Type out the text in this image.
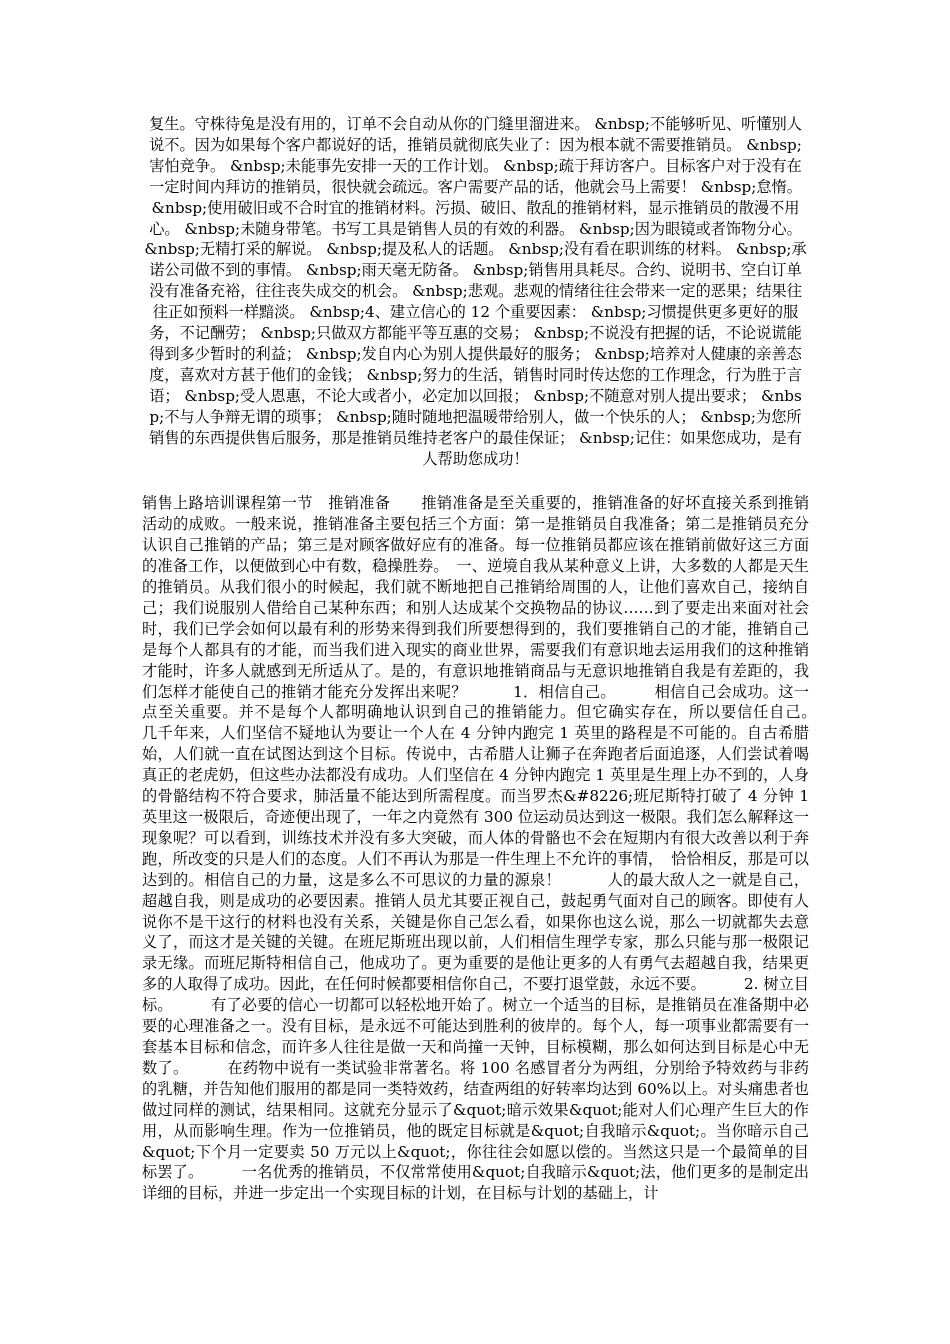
复生。守株待兔是没有用的，订单不会自动从你的门缝里溜进来。 &nbsp;不能够听见、听懂别人说不。因为如果每个客户都说好的话，推销员就彻底失业了：因为根本就不需要推销员。 &nbsp;害怕竞争。 &nbsp;未能事先安排一天的工作计划。 &nbsp;疏于拜访客户。目标客户对于没有在一定时间内拜访的推销员，很快就会疏远。客户需要产品的话，他就会马上需要！ &nbsp;怠惰。 &nbsp;使用破旧或不合时宜的推销材料。污损、破旧、散乱的推销材料，显示推销员的散漫不用心。 &nbsp;未随身带笔。书写工具是销售人员的有效的利器。 &nbsp;因为眼镜或者饰物分心。 &nbsp;无精打采的解说。 &nbsp;提及私人的话题。 &nbsp;没有看在职训练的材料。 &nbsp;承诺公司做不到的事情。 &nbsp;雨天毫无防备。 &nbsp;销售用具耗尽。合约、说明书、空白订单没有准备充裕，往往丧失成交的机会。 &nbsp;悲观。悲观的情绪往往会带来一定的恶果；结果往往正如预料一样黯淡。 &nbsp;4、建立信心的 12 个重要因素： &nbsp;习惯提供更多更好的服务，不记酬劳； &nbsp;只做双方都能平等互惠的交易； &nbsp;不说没有把握的话，不论说谎能得到多少暂时的利益； &nbsp;发自内心为别人提供最好的服务； &nbsp;培养对人健康的亲善态度，喜欢对方甚于他们的金钱； &nbsp;努力的生活，销售时同时传达您的工作理念，行为胜于言语； &nbsp;受人恩惠，不论大或者小，必定加以回报； &nbsp;不随意对别人提出要求； &nbsp;不与人争辩无谓的琐事； &nbsp;随时随地把温暖带给别人，做一个快乐的人； &nbsp;为您所销售的东西提供售后服务，那是推销员维持老客户的最佳保证； &nbsp;记住：如果您成功，是有人帮助您成功！

销售上路培训课程第一节　推销准备　　推销准备是至关重要的，推销准备的好坏直接关系到推销活动的成败。一般来说，推销准备主要包括三个方面：第一是推销员自我准备；第二是推销员充分认识自己推销的产品；第三是对顾客做好应有的准备。每一位推销员都应该在推销前做好这三方面的准备工作，以便做到心中有数，稳操胜券。　一、逆境自我从某种意义上讲，大多数的人都是天生的推销员。从我们很小的时候起，我们就不断地把自己推销给周围的人，让他们喜欢自己，接纳自己；我们说服别人借给自己某种东西；和别人达成某个交换物品的协议……到了要走出来面对社会时，我们已学会如何以最有利的形势来得到我们所要想得到的，我们要推销自己的才能，推销自己是每个人都具有的才能，而当我们进入现实的商业世界，需要我们有意识地去运用我们的这种推销才能时，许多人就感到无所适从了。是的，有意识地推销商品与无意识地推销自我是有差距的，我们怎样才能使自己的推销才能充分发挥出来呢？　　　1．相信自己。　　　相信自己会成功。这一点至关重要。并不是每个人都明确地认识到自己的推销能力。但它确实存在，所以要信任自己。　　　几千年来，人们坚信不疑地认为要让一个人在 4 分钟内跑完 1 英里的路程是不可能的。自古希腊始，人们就一直在试图达到这个目标。传说中，古希腊人让狮子在奔跑者后面追逐，人们尝试着喝真正的老虎奶，但这些办法都没有成功。人们坚信在 4 分钟内跑完 1 英里是生理上办不到的，人身的骨骼结构不符合要求，肺活量不能达到所需程度。而当罗杰&#8226;班尼斯特打破了 4 分钟 1 英里这一极限后，奇迹便出现了，一年之内竟然有 300 位运动员达到这一极限。我们怎么解释这一现象呢？可以看到，训练技术并没有多大突破，而人体的骨骼也不会在短期内有很大改善以利于奔跑，所改变的只是人们的态度。人们不再认为那是一件生理上不允许的事情，　恰恰相反，那是可以达到的。相信自己的力量，这是多么不可思议的力量的源泉！　　　人的最大敌人之一就是自己，超越自我，则是成功的必要因素。推销人员尤其要正视自己，鼓起勇气面对自己的顾客。即使有人说你不是干这行的材料也没有关系，关键是你自己怎么看，如果你也这么说，那么一切就都失去意义了，而这才是关键的关键。在班尼斯班出现以前，人们相信生理学专家，那么只能与那一极限记录无缘。而班尼斯特相信自己，他成功了。更为重要的是他让更多的人有勇气去超越自我，结果更多的人取得了成功。因此，在任何时候都要相信你自己，不要打退堂鼓，永远不要。　　　2. 树立目标。　　　有了必要的信心一切都可以轻松地开始了。树立一个适当的目标，是推销员在准备期中必要的心理准备之一。没有目标，是永远不可能达到胜利的彼岸的。每个人，每一项事业都需要有一套基本目标和信念，而许多人往往是做一天和尚撞一天钟，目标模糊，那么如何达到目标是心中无数了。　　　在药物中说有一类试验非常著名。将 100 名感冒者分为两组，分别给予特效药与非药的乳糖，并告知他们服用的都是同一类特效药，结查两组的好转率均达到 60%以上。对头痛患者也做过同样的测试，结果相同。这就充分显示了&quot;暗示效果&quot;能对人们心理产生巨大的作用，从而影响生理。作为一位推销员，他的既定目标就是&quot;自我暗示&quot;。当你暗示自己&quot;下个月一定要卖 50 万元以上&quot;，你往往会如愿以偿的。当然这只是一个最简单的目标罢了。　　　一名优秀的推销员，不仅常常使用&quot;自我暗示&quot;法，他们更多的是制定出详细的目标，并进一步定出一个实现目标的计划，在目标与计划的基础上，计
